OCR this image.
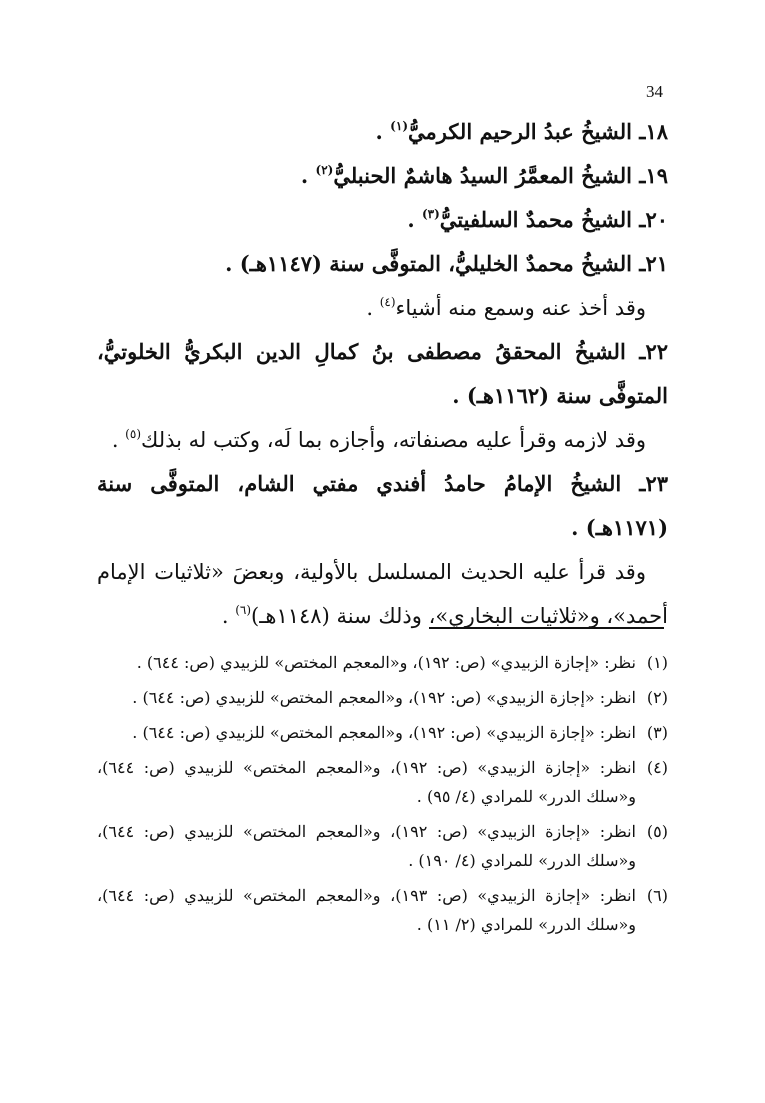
34

١٨ـ الشيخُ عبدُ الرحيم الكرميُّ$^{(١)}$ .

١٩ـ الشيخُ المعمَّرُ السيدُ هاشمٌ الحنبليُّ$^{(٢)}$ .

٢٠ـ الشيخُ محمدٌ السلفيتيُّ$^{(٣)}$ .

٢١ـ الشيخُ محمدٌ الخليليُّ، المتوفَّى سنة (١١٤٧هـ) .

وقد أخذ عنه وسمع منه أشياء$^{(٤)}$ .

٢٢ـ الشيخُ المحققُ مصطفى بنُ كمالِ الدين البكريُّ الخلوتيُّ، المتوفَّى سنة (١١٦٢هـ) .

وقد لازمه وقرأ عليه مصنفاته، وأجازه بما لَه، وكتب له بذلك$^{(٥)}$ .

٢٣ـ الشيخُ الإمامُ حامدُ أفندي مفتي الشام، المتوفَّى سنة (١١٧١هـ) .

وقد قرأ عليه الحديث المسلسل بالأولية، وبعضَ «ثلاثيات الإمام أحمد»، و«ثلاثيات البخاري»، وذلك سنة (١١٤٨هـ)$^{(٦)}$ .

(١)
نظر: «إجازة الزبيدي» (ص: ١٩٢)، و«المعجم المختص» للزبيدي (ص: ٦٤٤) .
(٢)
انظر: «إجازة الزبيدي» (ص: ١٩٢)، و«المعجم المختص» للزبيدي (ص: ٦٤٤) .
(٣)
انظر: «إجازة الزبيدي» (ص: ١٩٢)، و«المعجم المختص» للزبيدي (ص: ٦٤٤) .
(٤)
انظر: «إجازة الزبيدي» (ص: ١٩٢)، و«المعجم المختص» للزبيدي (ص: ٦٤٤)، و«سلك الدرر» للمرادي (٤/ ٩٥) .
(٥)
انظر: «إجازة الزبيدي» (ص: ١٩٢)، و«المعجم المختص» للزبيدي (ص: ٦٤٤)، و«سلك الدرر» للمرادي (٤/ ١٩٠) .
(٦)
انظر: «إجازة الزبيدي» (ص: ١٩٣)، و«المعجم المختص» للزبيدي (ص: ٦٤٤)، و«سلك الدرر» للمرادي (٢/ ١١) .
